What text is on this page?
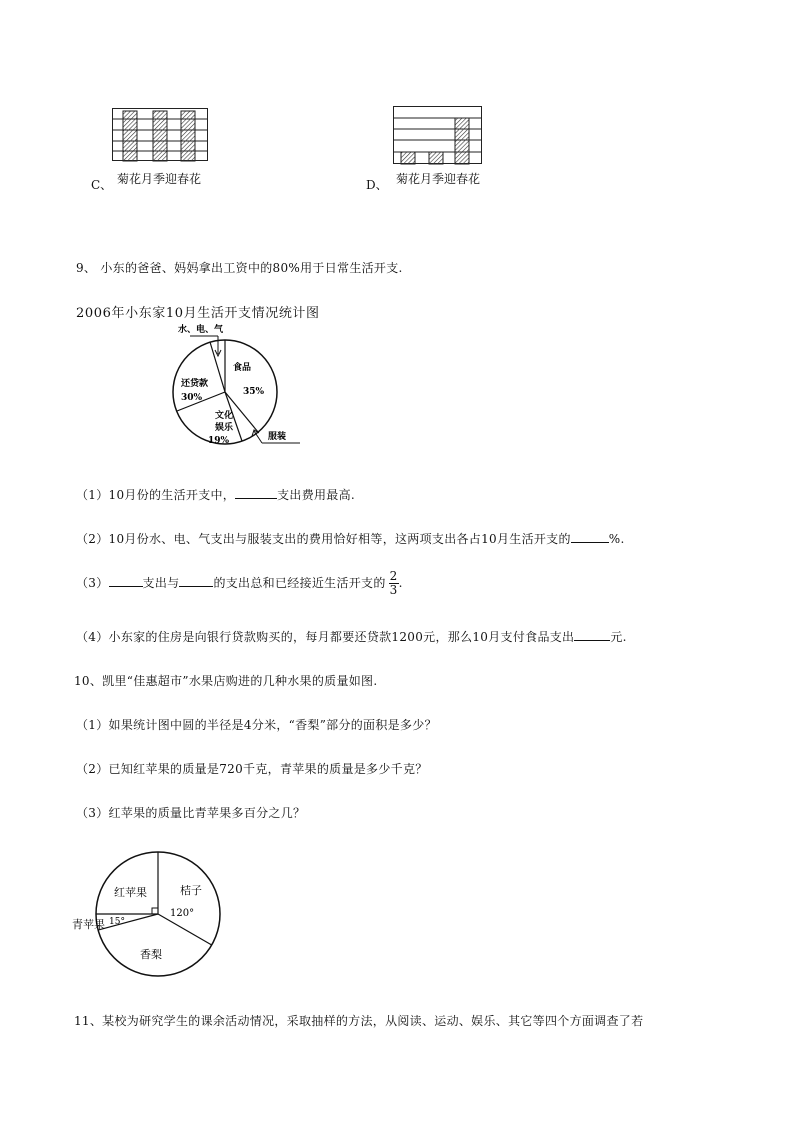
C、 菊花月季迎春花	D、 菊花月季迎春花
9、 小东的爸爸、妈妈拿出工资中的80%用于日常生活开支.
2006年小东家10月生活开支情况统计图
水、电、气
食品
35%
还贷款
30%
文化
娱乐
19%	服装
（1）10月份的生活开支中，	支出费用最高.
（2）10月份水、电、气支出与服装支出的费用恰好相等，这两项支出各占10月生活开支的	%.
（3）	支出与	的支出总和已经接近生活开支的 $\frac{2}{3}$ .
（4）小东家的住房是向银行贷款购买的，每月都要还贷款1200元，那么10月支付食品支出	元.
10、凯里“佳惠超市”水果店购进的几种水果的质量如图.
（1）如果统计图中圆的半径是4分米，“香梨”部分的面积是多少？
（2）已知红苹果的质量是720千克，青苹果的质量是多少千克？
（3）红苹果的质量比青苹果多百分之几？
红苹果	桔子
120°
青苹果 15°
香梨
11、某校为研究学生的课余活动情况，采取抽样的方法，从阅读、运动、娱乐、其它等四个方面调查了若
